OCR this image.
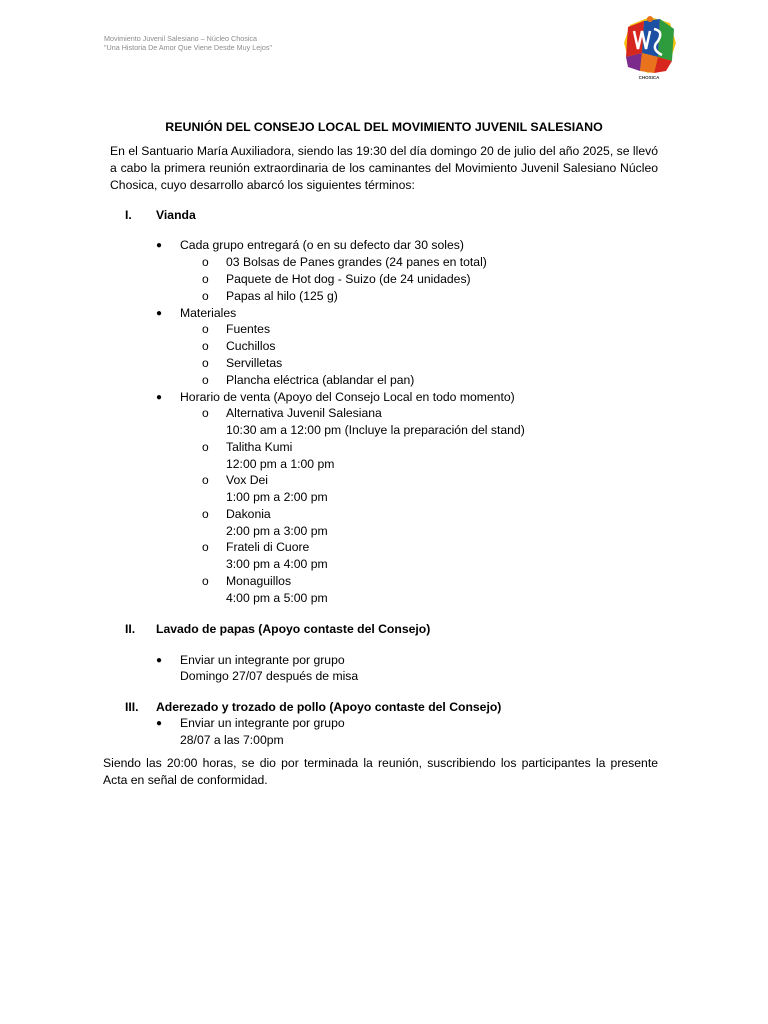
Movimiento Juvenil Salesiano – Núcleo Chosica
"Una Historia De Amor Que Viene Desde Muy Lejos"
CHOSICA
REUNIÓN DEL CONSEJO LOCAL DEL MOVIMIENTO JUVENIL SALESIANO

En el Santuario María Auxiliadora, siendo las 19:30 del día domingo 20 de julio del año 2025, se llevó a cabo la primera reunión extraordinaria de los caminantes del Movimiento Juvenil Salesiano Núcleo Chosica, cuyo desarrollo abarcó los siguientes términos:

I. Vianda
● Cada grupo entregará (o en su defecto dar 30 soles)
o 03 Bolsas de Panes grandes (24 panes en total)
o Paquete de Hot dog - Suizo (de 24 unidades)
o Papas al hilo (125 g)
● Materiales
o Fuentes
o Cuchillos
o Servilletas
o Plancha eléctrica (ablandar el pan)
● Horario de venta (Apoyo del Consejo Local en todo momento)
o Alternativa Juvenil Salesiana
10:30 am a 12:00 pm (Incluye la preparación del stand)
o Talitha Kumi
12:00 pm a 1:00 pm
o Vox Dei
1:00 pm a 2:00 pm
o Dakonia
2:00 pm a 3:00 pm
o Frateli di Cuore
3:00 pm a 4:00 pm
o Monaguillos
4:00 pm a 5:00 pm
II. Lavado de papas (Apoyo contaste del Consejo)
● Enviar un integrante por grupo
Domingo 27/07 después de misa
III. Aderezado y trozado de pollo (Apoyo contaste del Consejo)
● Enviar un integrante por grupo
28/07 a las 7:00pm

Siendo las 20:00 horas, se dio por terminada la reunión, suscribiendo los participantes la presente Acta en señal de conformidad.
